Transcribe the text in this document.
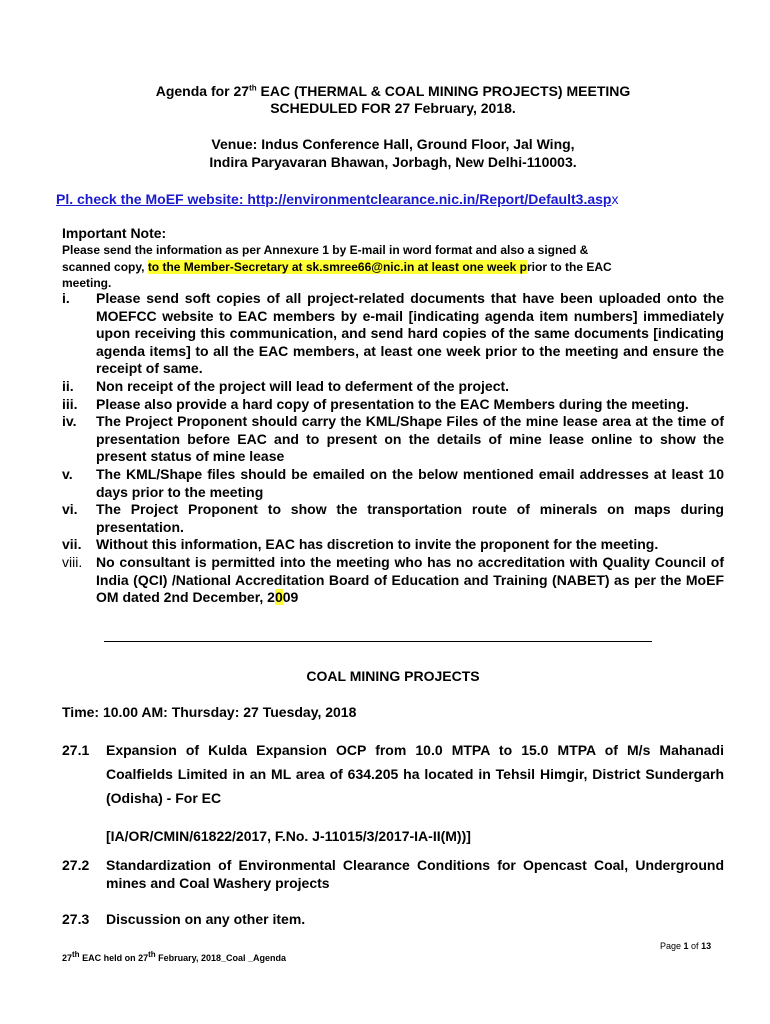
Agenda for 27th EAC (THERMAL & COAL MINING PROJECTS) MEETING
SCHEDULED FOR 27 February, 2018.
Venue: Indus Conference Hall, Ground Floor, Jal Wing,
Indira Paryavaran Bhawan, Jorbagh, New Delhi-110003.
Pl. check the MoEF website: http://environmentclearance.nic.in/Report/Default3.aspx
Important Note:
Please send the information as per Annexure 1 by E-mail in word format and also a signed &
scanned copy, to the Member-Secretary at sk.smree66@nic.in at least one week prior to the EAC
meeting.
i.	Please send soft copies of all project-related documents that have been uploaded onto the MOEFCC website to EAC members by e-mail [indicating agenda item numbers] immediately upon receiving this communication, and send hard copies of the same documents [indicating agenda items] to all the EAC members, at least one week prior to the meeting and ensure the receipt of same.
ii.	Non receipt of the project will lead to deferment of the project.
iii.	Please also provide a hard copy of presentation to the EAC Members during the meeting.
iv.	The Project Proponent should carry the KML/Shape Files of the mine lease area at the time of presentation before EAC and to present on the details of mine lease online to show the present status of mine lease
v.	The KML/Shape files should be emailed on the below mentioned email addresses at least 10 days prior to the meeting
vi.	The Project Proponent to show the transportation route of minerals on maps during presentation.
vii.	Without this information, EAC has discretion to invite the proponent for the meeting.
viii. No consultant is permitted into the meeting who has no accreditation with Quality Council of India (QCI) /National Accreditation Board of Education and Training (NABET) as per the MoEF OM dated 2nd December, 2009
COAL MINING PROJECTS
Time: 10.00 AM: Thursday: 27 Tuesday, 2018
27.1 Expansion of Kulda Expansion OCP from 10.0 MTPA to 15.0 MTPA of M/s Mahanadi Coalfields Limited in an ML area of 634.205 ha located in Tehsil Himgir, District Sundergarh (Odisha) - For EC
[IA/OR/CMIN/61822/2017, F.No. J-11015/3/2017-IA-II(M))]
27.2 Standardization of Environmental Clearance Conditions for Opencast Coal, Underground mines and Coal Washery projects
27.3 Discussion on any other item.
Page 1 of 13
27th EAC held on 27th February, 2018_Coal _Agenda
